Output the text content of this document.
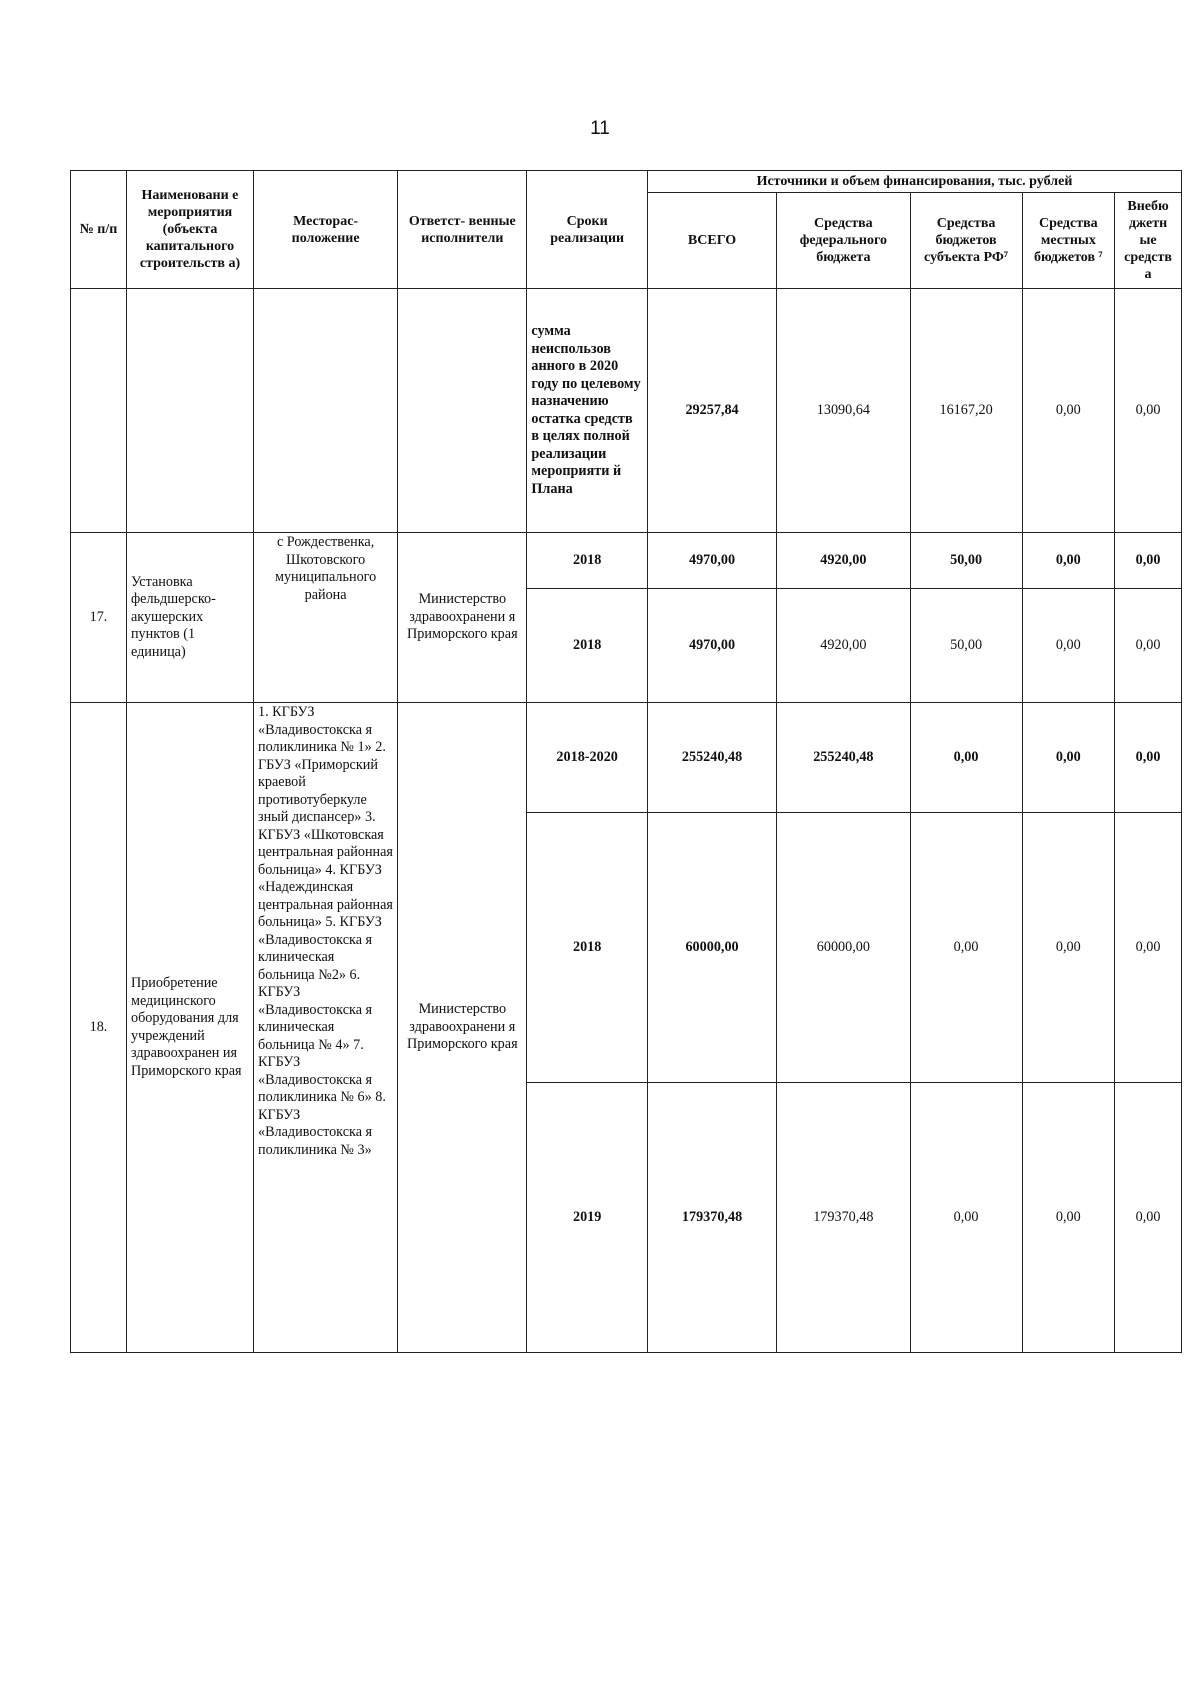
11
№ п/п	Наименовани е мероприятия (объекта капитального строительств а)	Месторас- положение	Ответст- венные исполнители	Сроки реализации	Источники и объем финансирования, тыс. рублей				
					ВСЕГО	Средства федерального бюджета	Средства бюджетов субъекта РФ⁷	Средства местных бюджетов ⁷	Внебю джетн ые средств а
				сумма неиспользов анного в 2020 году по целевому назначению остатка средств в целях полной реализации мероприяти й Плана	29257,84	13090,64	16167,20	0,00	0,00
17.	Установка фельдшерско- акушерских пунктов (1 единица)	с Рождественка, Шкотовского муниципального района	Министерство здравоохранени я Приморского края	2018	4970,00	4920,00	50,00	0,00	0,00
				2018	4970,00	4920,00	50,00	0,00	0,00
18.	Приобретение медицинского оборудования для учреждений здравоохранен ия Приморского края	1. КГБУЗ «Владивостокска я поликлиника № 1» 2. ГБУЗ «Приморский краевой противотуберкуле зный диспансер» 3. КГБУЗ «Шкотовская центральная районная больница» 4. КГБУЗ «Надеждинская центральная районная больница» 5. КГБУЗ «Владивостокска я клиническая больница №2» 6. КГБУЗ «Владивостокска я клиническая больница № 4» 7. КГБУЗ «Владивостокска я поликлиника № 6» 8. КГБУЗ «Владивостокска я поликлиника № 3»	Министерство здравоохранени я Приморского края	2018-2020	255240,48	255240,48	0,00	0,00	0,00
				2018	60000,00	60000,00	0,00	0,00	0,00
				2019	179370,48	179370,48	0,00	0,00	0,00
